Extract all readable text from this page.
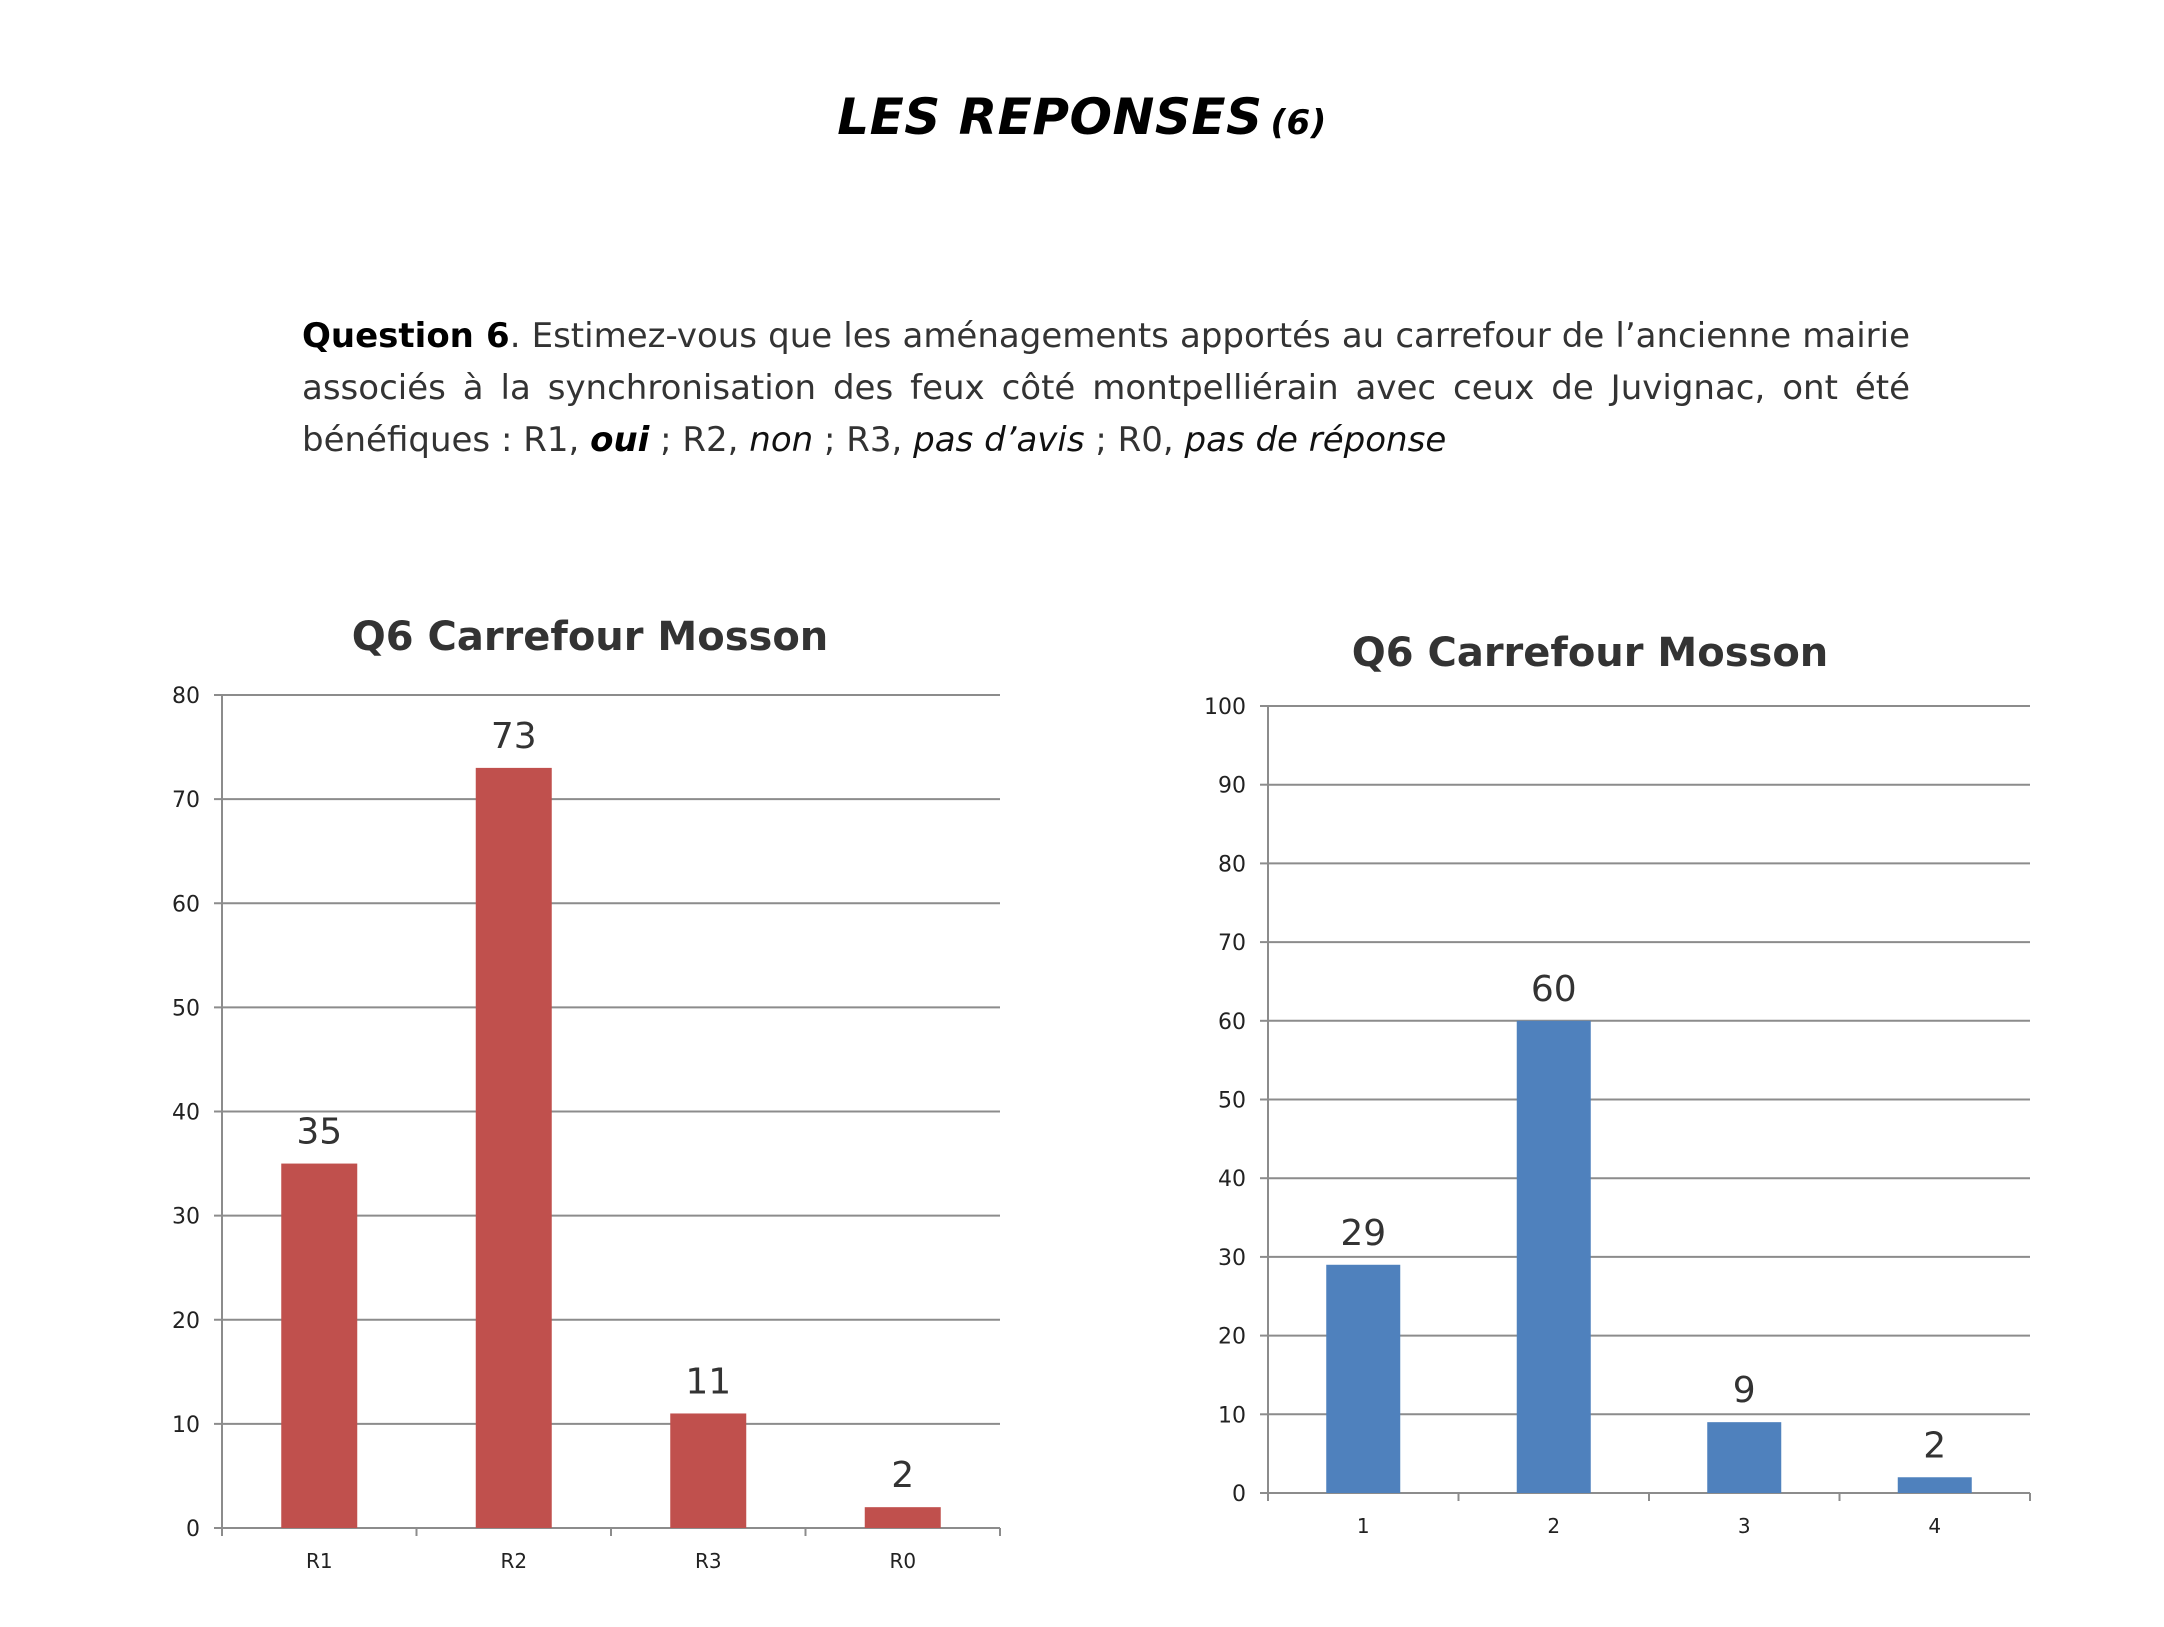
LES REPONSES (6)
Question 6. Estimez-vous que les aménagements apportés au carrefour de l’ancienne mairie associés à la synchronisation des feux côté montpelliérain avec ceux de Juvignac, ont été bénéfiques : R1, oui ; R2, non ; R3, pas d’avis ; R0, pas de réponse
Q6 Carrefour Mosson
0
10
20
30
40
50
60
70
80
35
R1
73
R2
11
R3
2
R0
Q6 Carrefour Mosson
0
10
20
30
40
50
60
70
80
90
100
29
1
60
2
9
3
2
4
